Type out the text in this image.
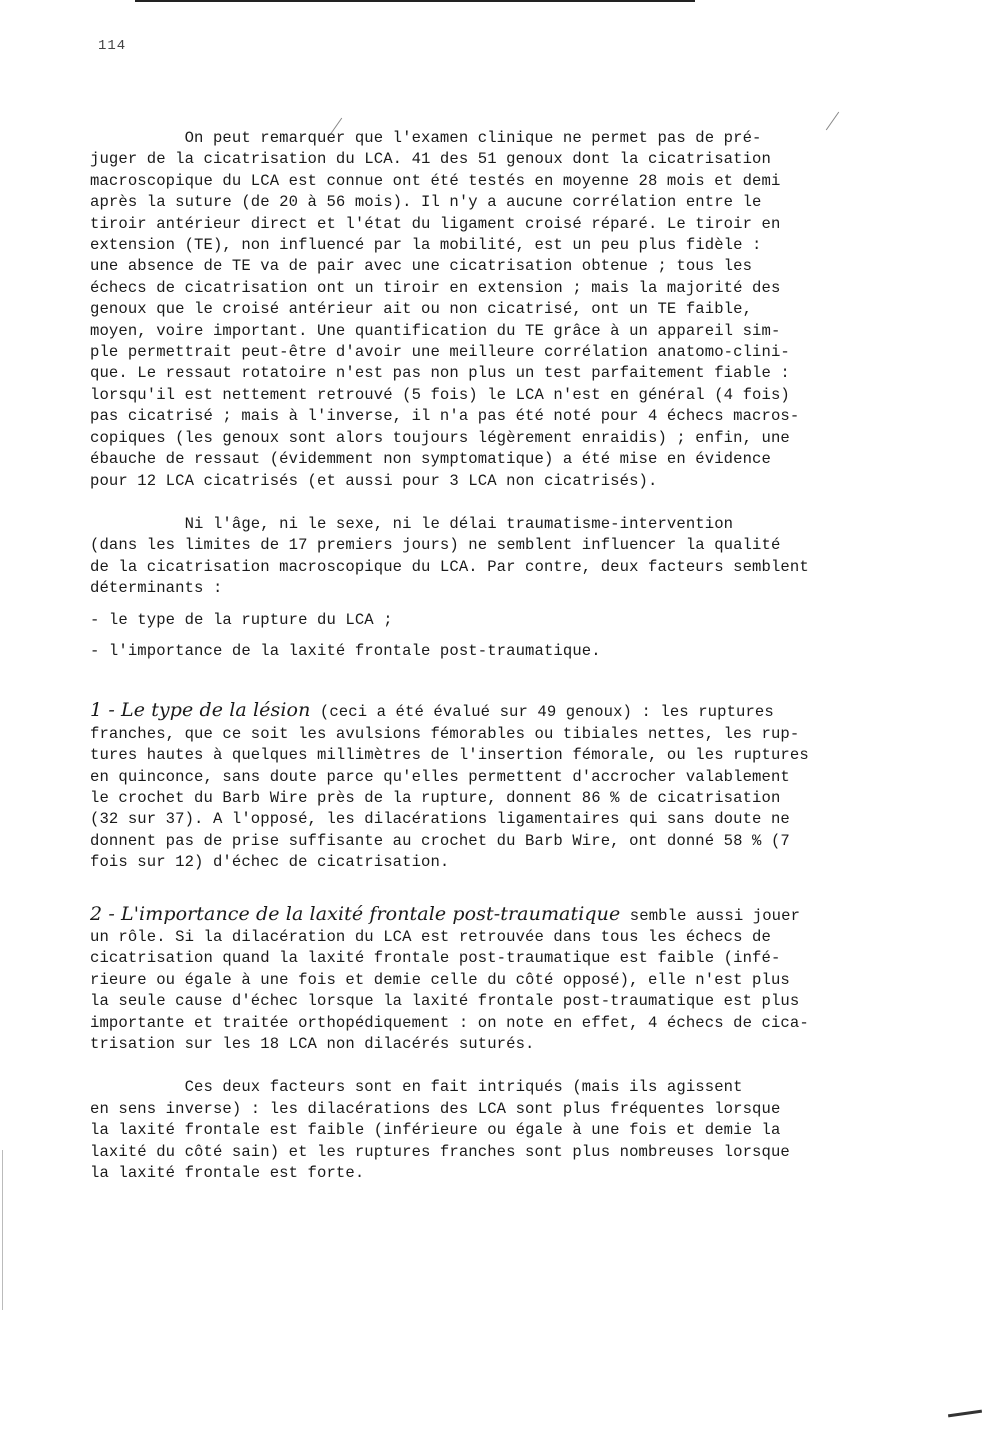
114
On peut remarquer que l'examen clinique ne permet pas de pré-
juger de la cicatrisation du LCA. 41 des 51 genoux dont la cicatrisation
macroscopique du LCA est connue ont été testés en moyenne 28 mois et demi
après la suture (de 20 à 56 mois). Il n'y a aucune corrélation entre le
tiroir antérieur direct et l'état du ligament croisé réparé. Le tiroir en
extension (TE), non influencé par la mobilité, est un peu plus fidèle :
une absence de TE va de pair avec une cicatrisation obtenue ; tous les
échecs de cicatrisation ont un tiroir en extension ; mais la majorité des
genoux que le croisé antérieur ait ou non cicatrisé, ont un TE faible,
moyen, voire important. Une quantification du TE grâce à un appareil sim-
ple permettrait peut-être d'avoir une meilleure corrélation anatomo-clini-
que. Le ressaut rotatoire n'est pas non plus un test parfaitement fiable :
lorsqu'il est nettement retrouvé (5 fois) le LCA n'est en général (4 fois)
pas cicatrisé ; mais à l'inverse, il n'a pas été noté pour 4 échecs macros-
copiques (les genoux sont alors toujours légèrement enraidis) ; enfin, une
ébauche de ressaut (évidemment non symptomatique) a été mise en évidence
pour 12 LCA cicatrisés (et aussi pour 3 LCA non cicatrisés).
Ni l'âge, ni le sexe, ni le délai traumatisme-intervention
(dans les limites de 17 premiers jours) ne semblent influencer la qualité
de la cicatrisation macroscopique du LCA. Par contre, deux facteurs semblent
déterminants :
- le type de la rupture du LCA ;
- l'importance de la laxité frontale post-traumatique.
1 - Le type de la lésion (ceci a été évalué sur 49 genoux) : les ruptures
franches, que ce soit les avulsions fémorables ou tibiales nettes, les rup-
tures hautes à quelques millimètres de l'insertion fémorale, ou les ruptures
en quinconce, sans doute parce qu'elles permettent d'accrocher valablement
le crochet du Barb Wire près de la rupture, donnent 86 % de cicatrisation
(32 sur 37). A l'opposé, les dilacérations ligamentaires qui sans doute ne
donnent pas de prise suffisante au crochet du Barb Wire, ont donné 58 % (7
fois sur 12) d'échec de cicatrisation.
2 - L'importance de la laxité frontale post-traumatique semble aussi jouer
un rôle. Si la dilacération du LCA est retrouvée dans tous les échecs de
cicatrisation quand la laxité frontale post-traumatique est faible (infé-
rieure ou égale à une fois et demie celle du côté opposé), elle n'est plus
la seule cause d'échec lorsque la laxité frontale post-traumatique est plus
importante et traitée orthopédiquement : on note en effet, 4 échecs de cica-
trisation sur les 18 LCA non dilacérés suturés.
Ces deux facteurs sont en fait intriqués (mais ils agissent
en sens inverse) : les dilacérations des LCA sont plus fréquentes lorsque
la laxité frontale est faible (inférieure ou égale à une fois et demie la
laxité du côté sain) et les ruptures franches sont plus nombreuses lorsque
la laxité frontale est forte.
